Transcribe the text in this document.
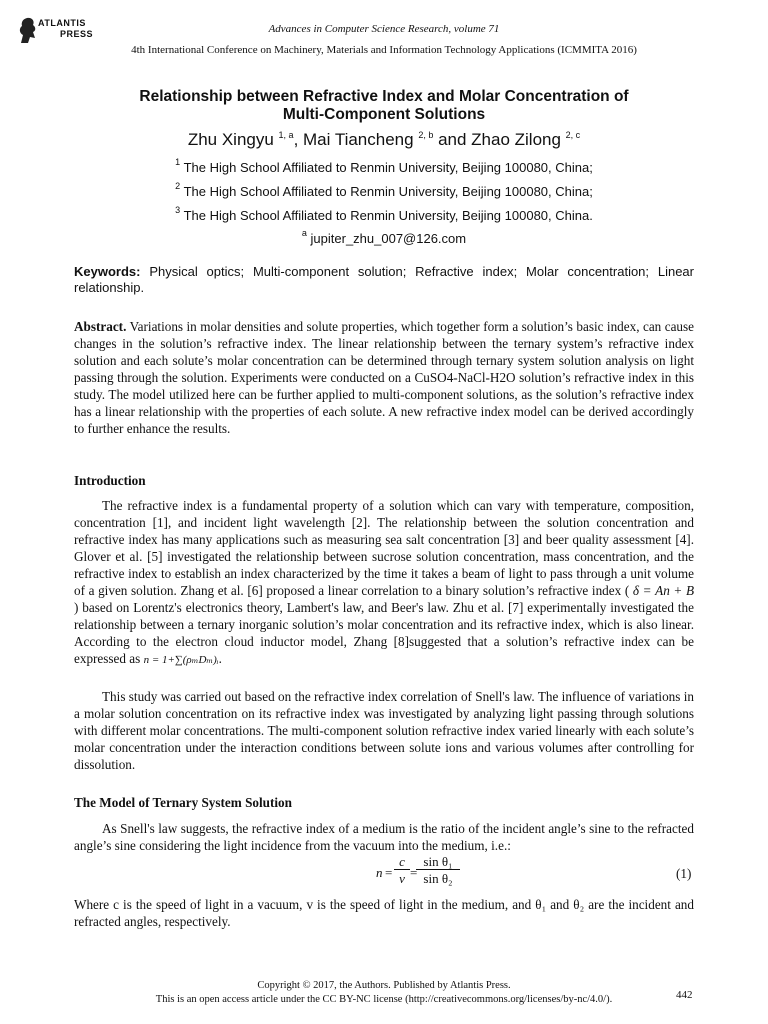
ATLANTIS
PRESS	Advances in Computer Science Research, volume 71
4th International Conference on Machinery, Materials and Information Technology Applications (ICMMITA 2016)
Relationship between Refractive Index and Molar Concentration of
Multi-Component Solutions
Zhu Xingyu $^{1, a}$, Mai Tiancheng $^{2, b}$ and Zhao Zilong $^{2, c}$
$^1$ The High School Affiliated to Renmin University, Beijing 100080, China;
$^2$ The High School Affiliated to Renmin University, Beijing 100080, China;
$^3$ The High School Affiliated to Renmin University, Beijing 100080, China.
$^a$ jupiter_zhu_007@126.com
Keywords: Physical optics; Multi-component solution; Refractive index; Molar concentration; Linear relationship.
Abstract. Variations in molar densities and solute properties, which together form a solution’s basic index, can cause changes in the solution’s refractive index. The linear relationship between the ternary system’s refractive index solution and each solute’s molar concentration can be determined through ternary system solution analysis on light passing through the solution. Experiments were conducted on a CuSO4-NaCl-H2O solution’s refractive index in this study. The model utilized here can be further applied to multi-component solutions, as the solution’s refractive index has a linear relationship with the properties of each solute. A new refractive index model can be derived accordingly to further enhance the results.
Introduction
The refractive index is a fundamental property of a solution which can vary with temperature, composition, concentration [1], and incident light wavelength [2]. The relationship between the solution concentration and refractive index has many applications such as measuring sea salt concentration [3] and beer quality assessment [4]. Glover et al. [5] investigated the relationship between sucrose solution concentration, mass concentration, and the refractive index to establish an index characterized by the time it takes a beam of light to pass through a unit volume of a given solution. Zhang et al. [6] proposed a linear correlation to a binary solution’s refractive index ( δ = An + B ) based on Lorentz's electronics theory, Lambert's law, and Beer's law. Zhu et al. [7] experimentally investigated the relationship between a ternary inorganic solution’s molar concentration and its refractive index, which is also linear. According to the electron cloud inductor model, Zhang [8]suggested that a solution’s refractive index can be expressed as n = 1+∑(ρₘDₘ)ᵢ.
This study was carried out based on the refractive index correlation of Snell's law. The influence of variations in a molar solution concentration on its refractive index was investigated by analyzing light passing through solutions with different molar concentrations. The multi-component solution refractive index varied linearly with each solute’s molar concentration under the interaction conditions between solute ions and various volumes after controlling for dissolution.
The Model of Ternary System Solution
As Snell's law suggests, the refractive index of a medium is the ratio of the incident angle’s sine to the refracted angle’s sine considering the light incidence from the vacuum into the medium, i.e.:
$n = \frac{c}{v}$ =
$\frac{\text{sin θ₁}}{\text{sin θ₂}}$	(1)
Where c is the speed of light in a vacuum, v is the speed of light in the medium, and θ₁ and θ₂ are the incident and refracted angles, respectively.
Copyright © 2017, the Authors. Published by Atlantis Press.
This is an open access article under the CC BY-NC license (http://creativecommons.org/licenses/by-nc/4.0/).	442
